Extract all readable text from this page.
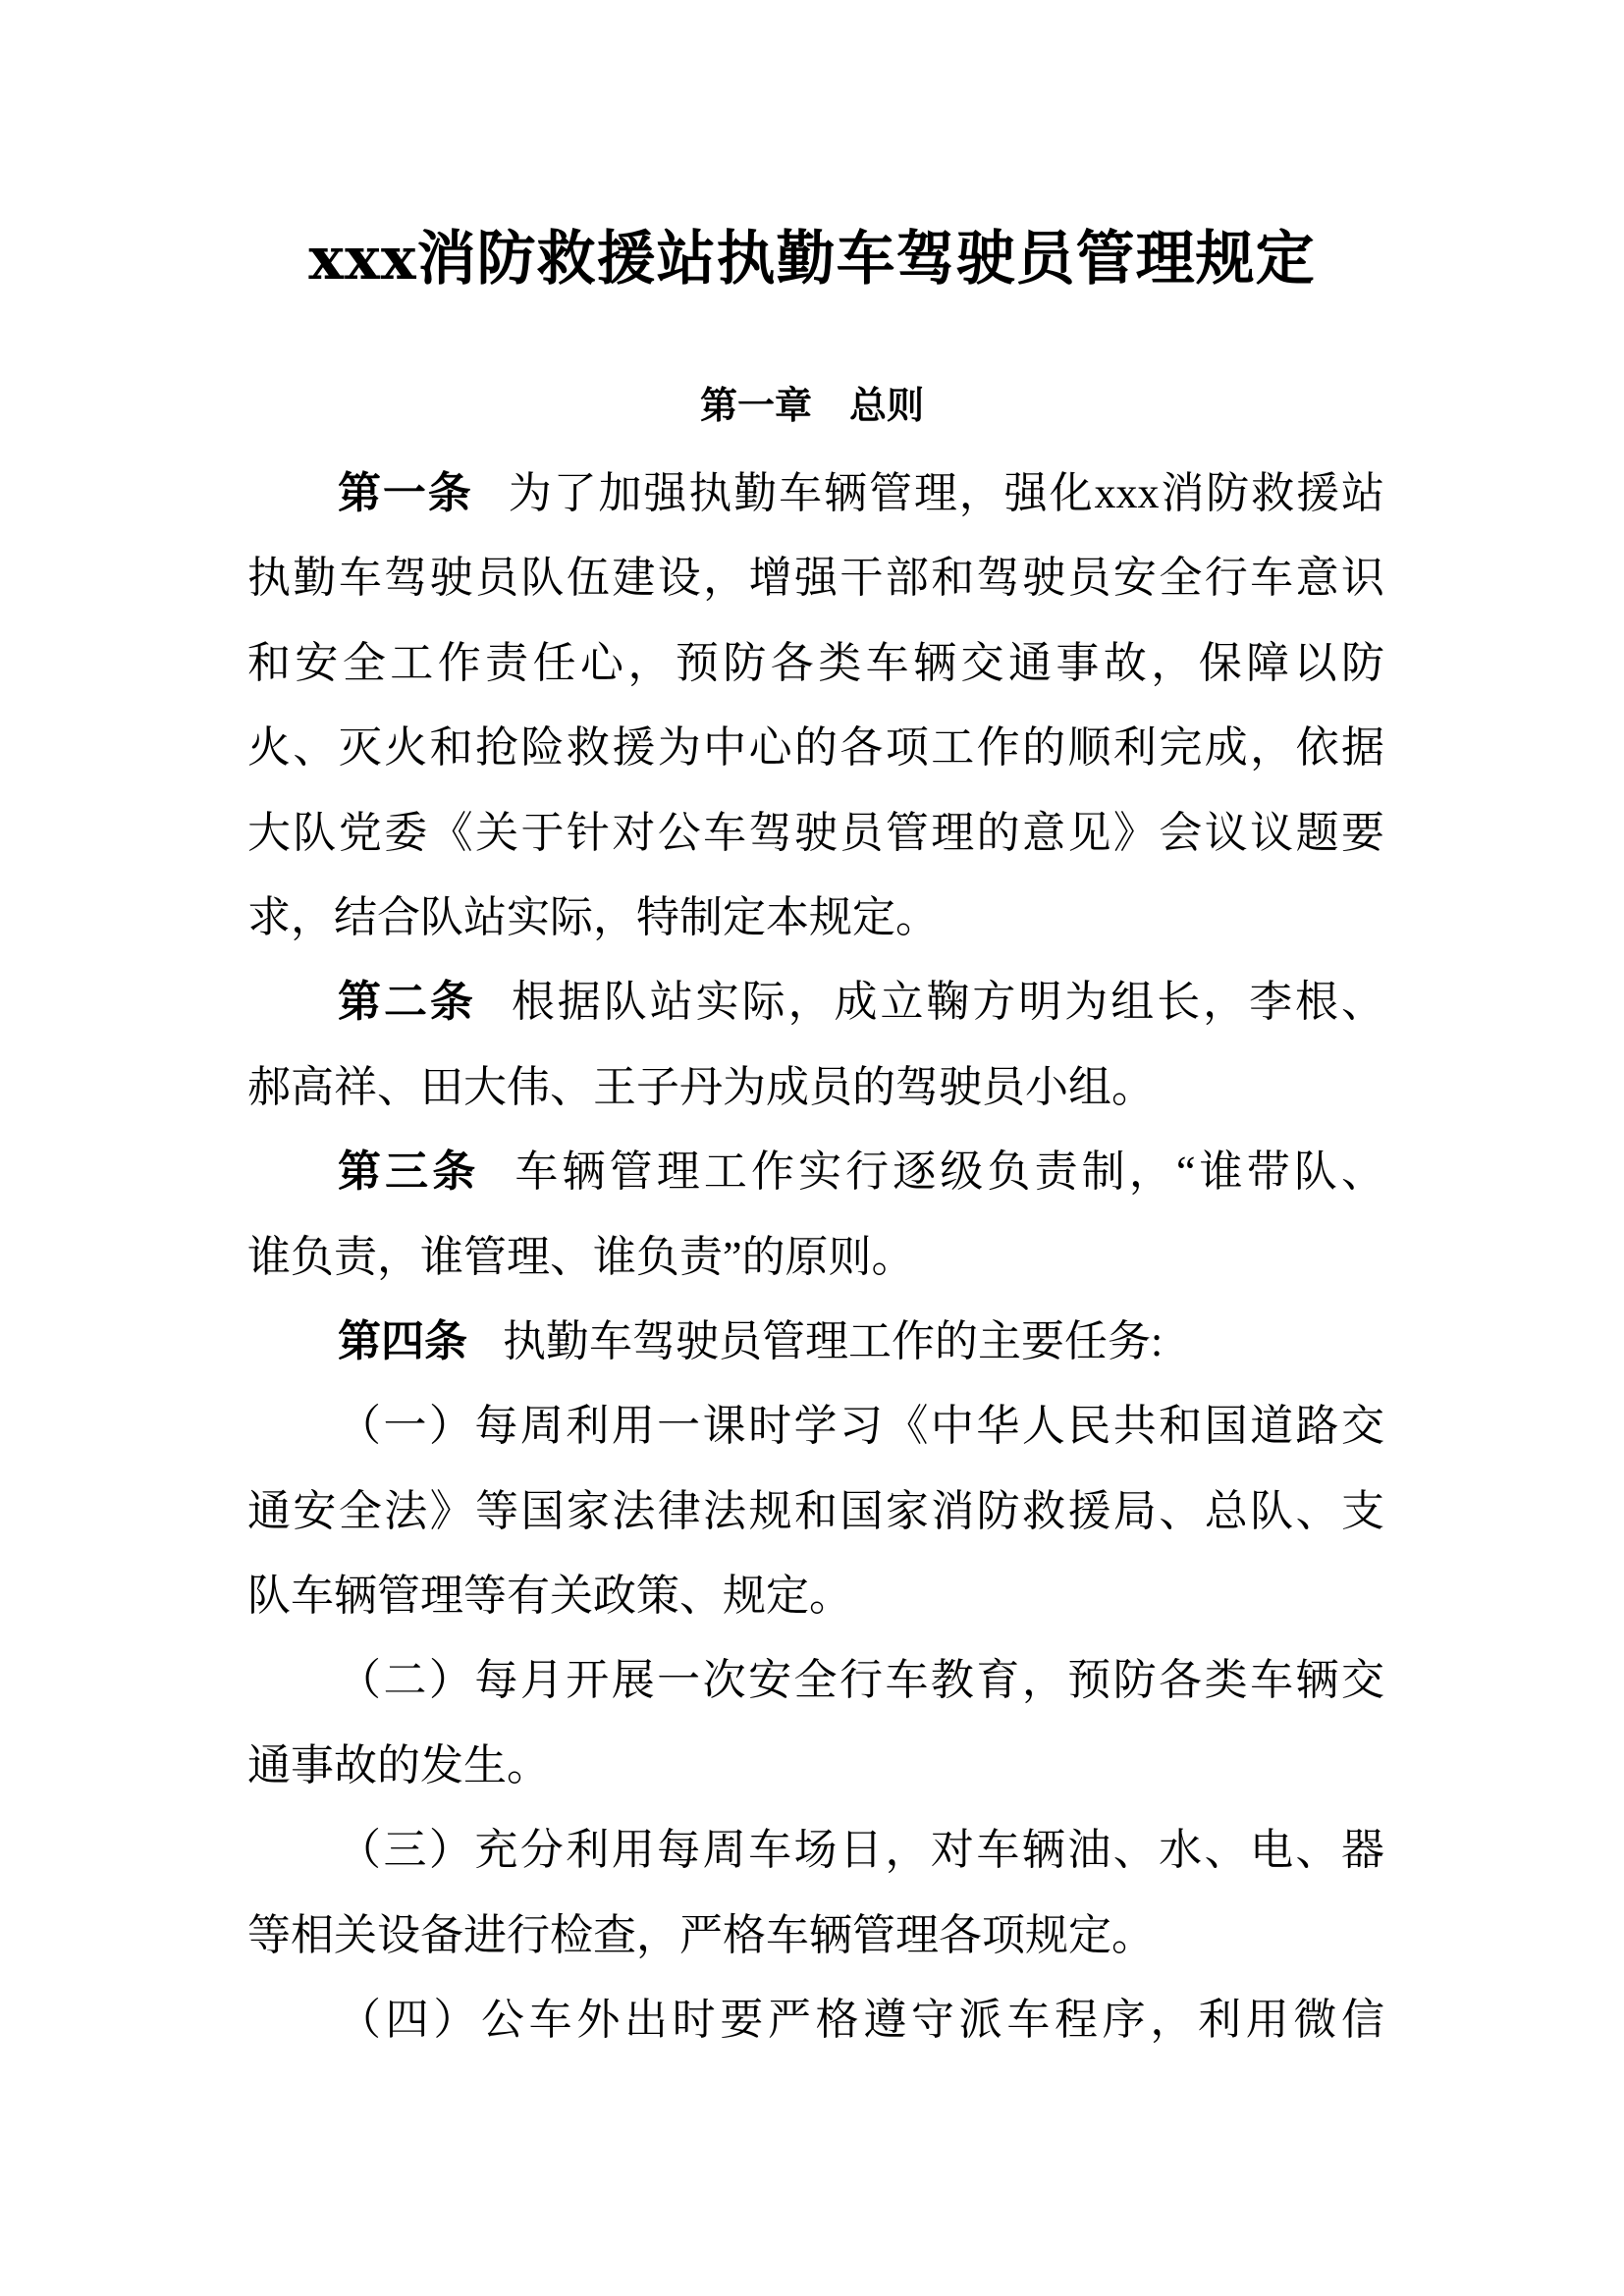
xxx消防救援站执勤车驾驶员管理规定
第一章　总则
第一条 为了加强执勤车辆管理，强化xxx消防救援站
执勤车驾驶员队伍建设，增强干部和驾驶员安全行车意识
和安全工作责任心，预防各类车辆交通事故，保障以防
火、灭火和抢险救援为中心的各项工作的顺利完成，依据
大队党委《关于针对公车驾驶员管理的意见》会议议题要
求，结合队站实际，特制定本规定。
第二条 根据队站实际，成立鞠方明为组长，李根、
郝高祥、田大伟、王子丹为成员的驾驶员小组。
第三条 车辆管理工作实行逐级负责制，“谁带队、
谁负责，谁管理、谁负责”的原则。
第四条 执勤车驾驶员管理工作的主要任务:
（一）每周利用一课时学习《中华人民共和国道路交
通安全法》等国家法律法规和国家消防救援局、总队、支
队车辆管理等有关政策、规定。
（二）每月开展一次安全行车教育，预防各类车辆交
通事故的发生。
（三）充分利用每周车场日，对车辆油、水、电、器
等相关设备进行检查，严格车辆管理各项规定。
（四）公车外出时要严格遵守派车程序，利用微信
